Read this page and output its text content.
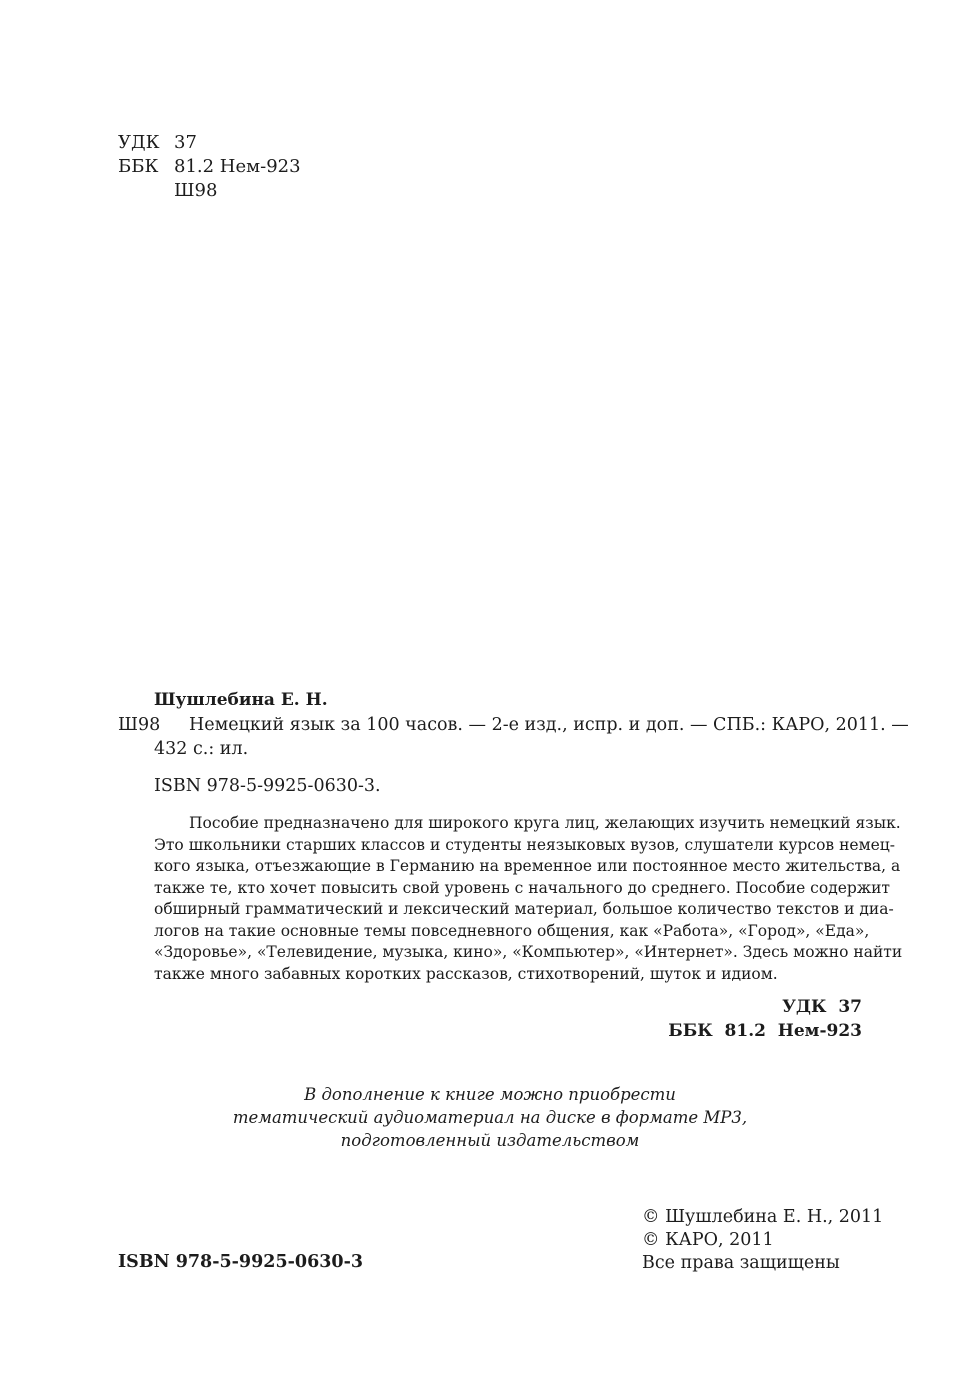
УДК 37
ББК 81.2 Нем-923
Ш98
Шушлебина Е. Н.
Ш98 Немецкий язык за 100 часов. — 2-е изд., испр. и доп. — СПБ.: КАРО, 2011. —
432 с.: ил.
ISBN 978-5-9925-0630-3.
Пособие предназначено для широкого круга лиц, желающих изучить немецкий язык.
Это школьники старших классов и студенты неязыковых вузов, слушатели курсов немец-
кого языка, отъезжающие в Германию на временное или постоянное место жительства, а
также те, кто хочет повысить свой уровень с начального до среднего. Пособие содержит
обширный грамматический и лексический материал, большое количество текстов и диа-
логов на такие основные темы повседневного общения, как «Работа», «Город», «Еда»,
«Здоровье», «Телевидение, музыка, кино», «Компьютер», «Интернет». Здесь можно найти
также много забавных коротких рассказов, стихотворений, шуток и идиом.
УДК  37
ББК  81.2  Нем-923
В дополнение к книге можно приобрести
тематический аудиоматериал на диске в формате МР3,
подготовленный издательством
© Шушлебина Е. Н., 2011
© КАРО, 2011
Все права защищены
ISBN 978-5-9925-0630-3
